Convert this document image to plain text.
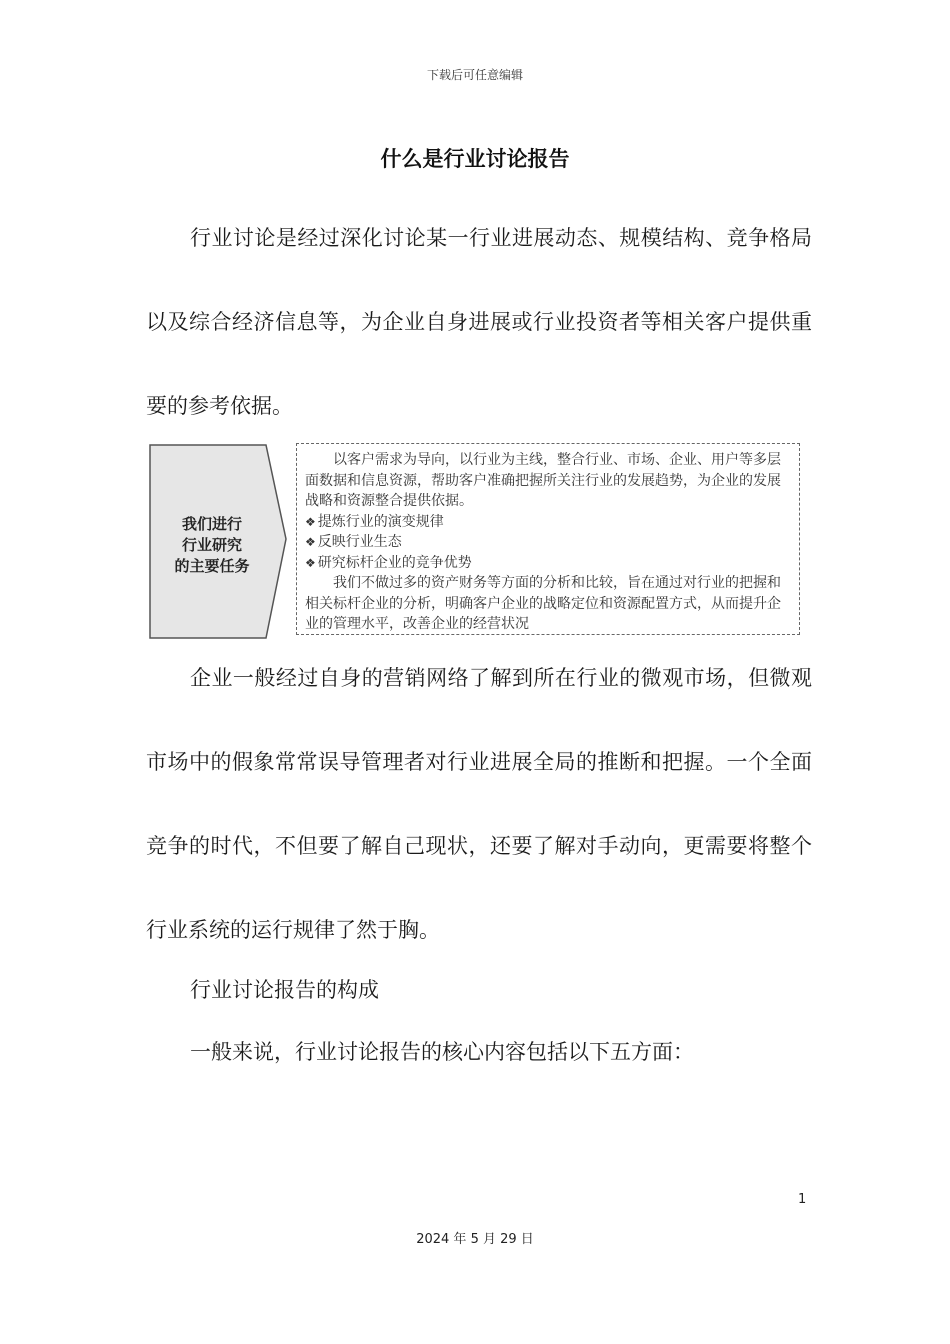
下载后可任意编辑
什么是行业讨论报告

行业讨论是经过深化讨论某一行业进展动态、规模结构、竞争格局以及综合经济信息等，为企业自身进展或行业投资者等相关客户提供重要的参考依据。

我们进行
行业研究
的主要任务
以客户需求为导向，以行业为主线，整合行业、市场、企业、用户等多层面数据和信息资源，帮助客户准确把握所关注行业的发展趋势，为企业的发展战略和资源整合提供依据。
❖ 提炼行业的演变规律
❖ 反映行业生态
❖ 研究标杆企业的竞争优势
我们不做过多的资产财务等方面的分析和比较，旨在通过对行业的把握和相关标杆企业的分析，明确客户企业的战略定位和资源配置方式，从而提升企业的管理水平，改善企业的经营状况

企业一般经过自身的营销网络了解到所在行业的微观市场，但微观市场中的假象常常误导管理者对行业进展全局的推断和把握。一个全面竞争的时代，不但要了解自己现状，还要了解对手动向，更需要将整个行业系统的运行规律了然于胸。

行业讨论报告的构成

一般来说，行业讨论报告的核心内容包括以下五方面：

1
2024 年 5 月 29 日
